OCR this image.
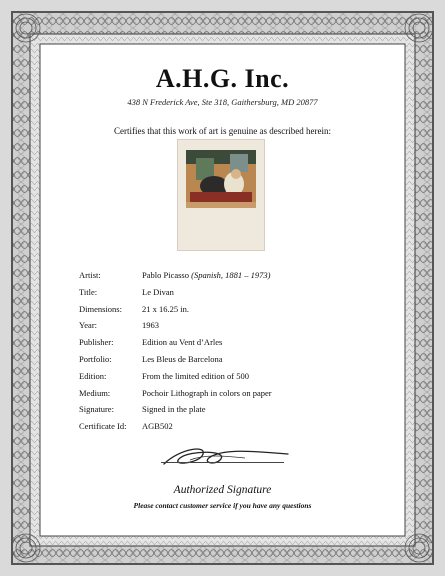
A.H.G. Inc.
438 N Frederick Ave, Ste 318, Gaithersburg, MD 20877
Certifies that this work of art is genuine as described herein:
Artist:	Pablo Picasso (Spanish, 1881 – 1973)
Title:	Le Divan
Dimensions: 21 x 16.25 in.
Year:	1963
Publisher:	Edition au Vent d’Arles
Portfolio:	Les Bleus de Barcelona
Edition:	From the limited edition of 500
Medium:	Pochoir Lithograph in colors on paper
Signature:	Signed in the plate
Certificate Id: AGB502
Authorized Signature
Please contact customer service if you have any questions
